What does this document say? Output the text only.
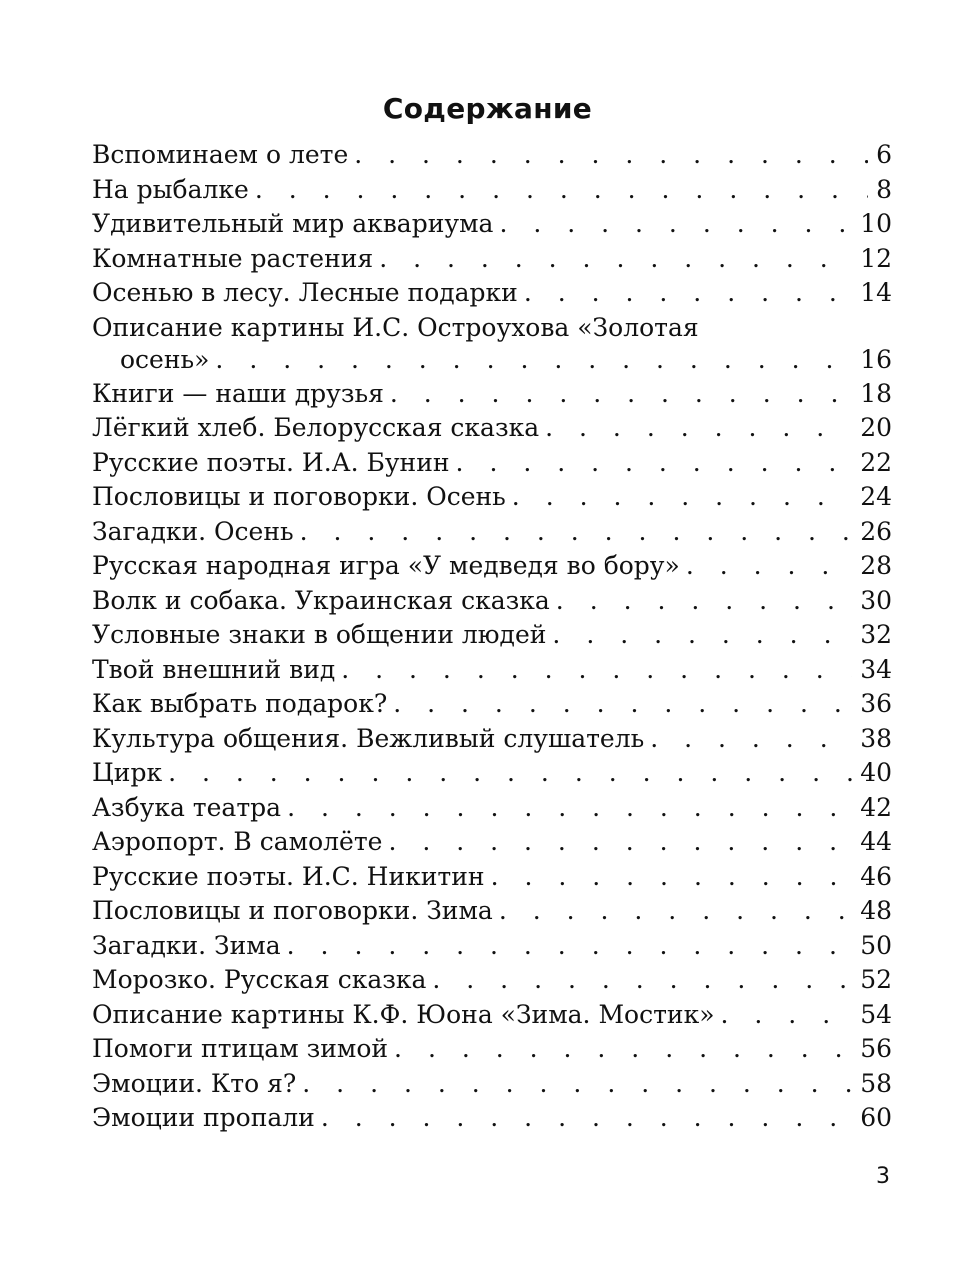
Содержание
Вспоминаем о лете . . .	6
На рыбалке . . .	8
Удивительный мир аквариума . . .	10
Комнатные растения . . .	12
Осенью в лесу. Лесные подарки . . .	14
Описание картины И.С. Остроухова «Золотая
осень» . . .	16
Книги — наши друзья . . .	18
Лёгкий хлеб. Белорусская сказка . . .	20
Русские поэты. И.А. Бунин . . .	22
Пословицы и поговорки. Осень . . .	24
Загадки. Осень . . .	26
Русская народная игра «У медведя во бору» . . .	28
Волк и собака. Украинская сказка . . .	30
Условные знаки в общении людей . . .	32
Твой внешний вид . . .	34
Как выбрать подарок? . . .	36
Культура общения. Вежливый слушатель . . .	38
Цирк . . .	40
Азбука театра . . .	42
Аэропорт. В самолёте . . .	44
Русские поэты. И.С. Никитин . . .	46
Пословицы и поговорки. Зима . . .	48
Загадки. Зима . . .	50
Морозко. Русская сказка . . .	52
Описание картины К.Ф. Юона «Зима. Мостик» . . .	54
Помоги птицам зимой . . .	56
Эмоции. Кто я? . . .	58
Эмоции пропали . . .	60
3
